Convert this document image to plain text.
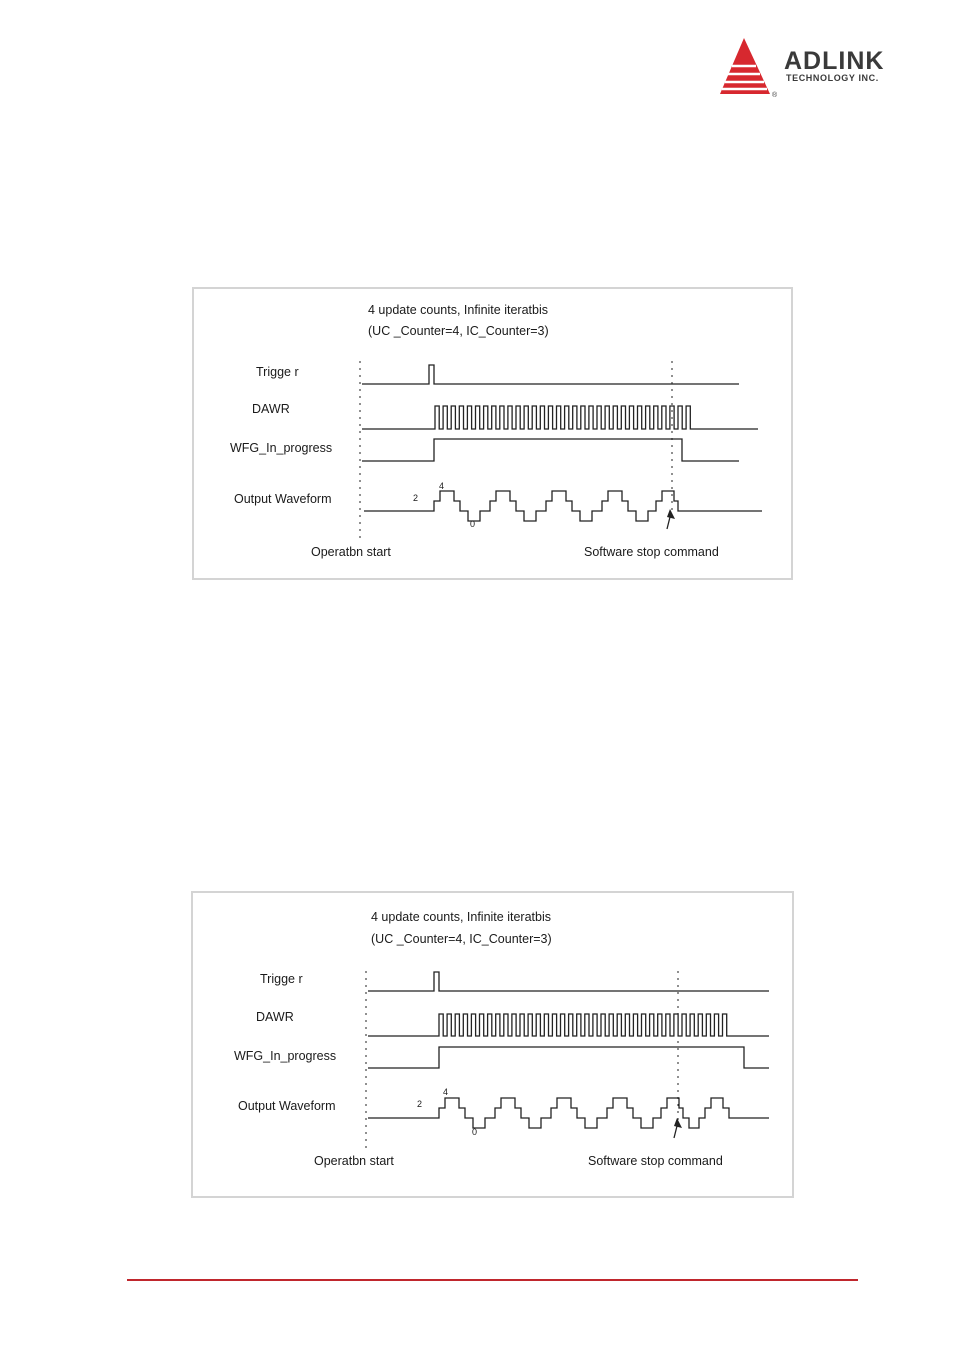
®
ADLINK
TECHNOLOGY INC.
4 update counts, Infinite iteratbis
(UC _Counter=4, IC_Counter=3)
Trigge r
DAWR
WFG_In_progress
Output Waveform
4
2
0
Operatbn start	Software stop command
4 update counts, Infinite iteratbis
(UC _Counter=4, IC_Counter=3)
Trigge r
DAWR
WFG_In_progress
Output Waveform
4
2
0
Operatbn start	Software stop command
